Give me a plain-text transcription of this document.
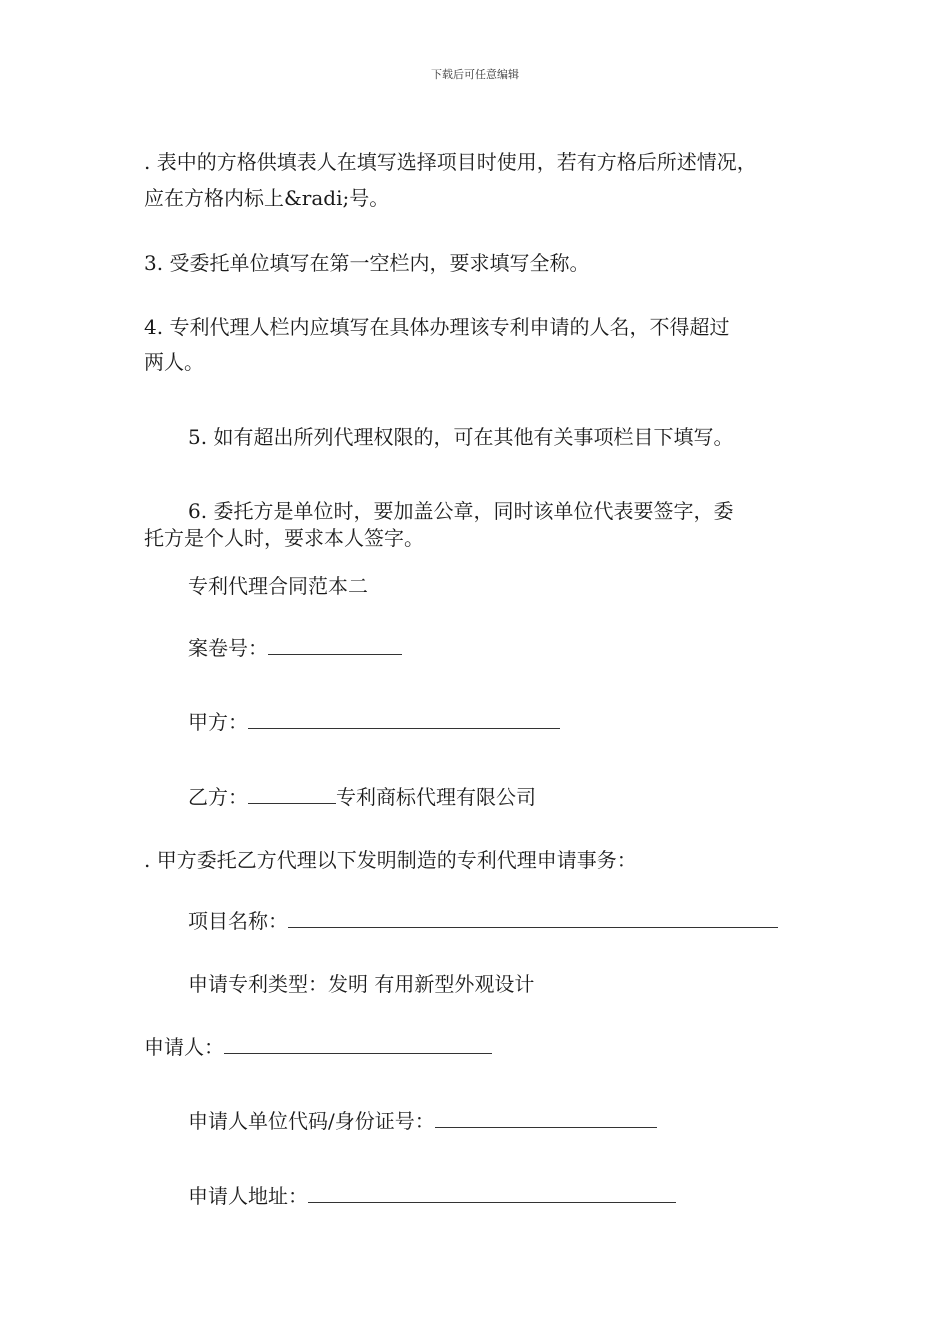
下载后可任意编辑
. 表中的方格供填表人在填写选择项目时使用，若有方格后所述情况，
应在方格内标上&radi;号。
3. 受委托单位填写在第一空栏内，要求填写全称。
4. 专利代理人栏内应填写在具体办理该专利申请的人名，不得超过
两人。
5. 如有超出所列代理权限的，可在其他有关事项栏目下填写。
6. 委托方是单位时，要加盖公章，同时该单位代表要签字，委
托方是个人时，要求本人签字。
专利代理合同范本二
案卷号：
甲方：
乙方：	专利商标代理有限公司
. 甲方委托乙方代理以下发明制造的专利代理申请事务：
项目名称：
申请专利类型：发明 有用新型外观设计
申请人：
申请人单位代码/身份证号：
申请人地址：
